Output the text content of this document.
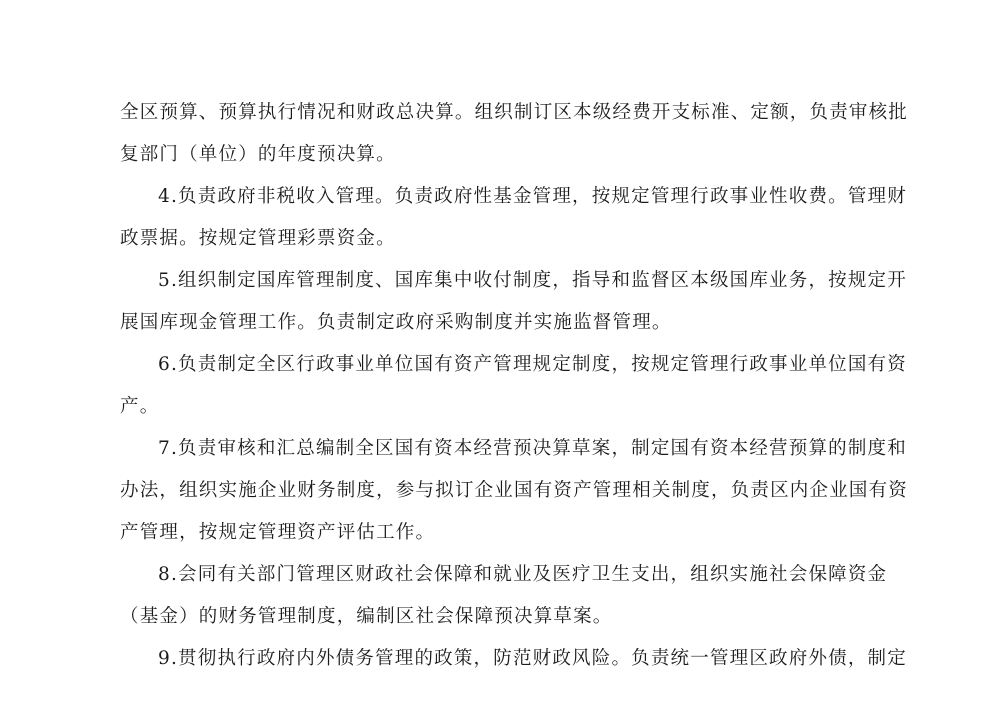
全区预算、预算执行情况和财政总决算。组织制订区本级经费开支标准、定额，负责审核批
复部门（单位）的年度预决算。
4.负责政府非税收入管理。负责政府性基金管理，按规定管理行政事业性收费。管理财
政票据。按规定管理彩票资金。
5.组织制定国库管理制度、国库集中收付制度，指导和监督区本级国库业务，按规定开
展国库现金管理工作。负责制定政府采购制度并实施监督管理。
6.负责制定全区行政事业单位国有资产管理规定制度，按规定管理行政事业单位国有资
产。
7.负责审核和汇总编制全区国有资本经营预决算草案，制定国有资本经营预算的制度和
办法，组织实施企业财务制度，参与拟订企业国有资产管理相关制度，负责区内企业国有资
产管理，按规定管理资产评估工作。
8.会同有关部门管理区财政社会保障和就业及医疗卫生支出，组织实施社会保障资金
（基金）的财务管理制度，编制区社会保障预决算草案。
9.贯彻执行政府内外债务管理的政策，防范财政风险。负责统一管理区政府外债，制定
